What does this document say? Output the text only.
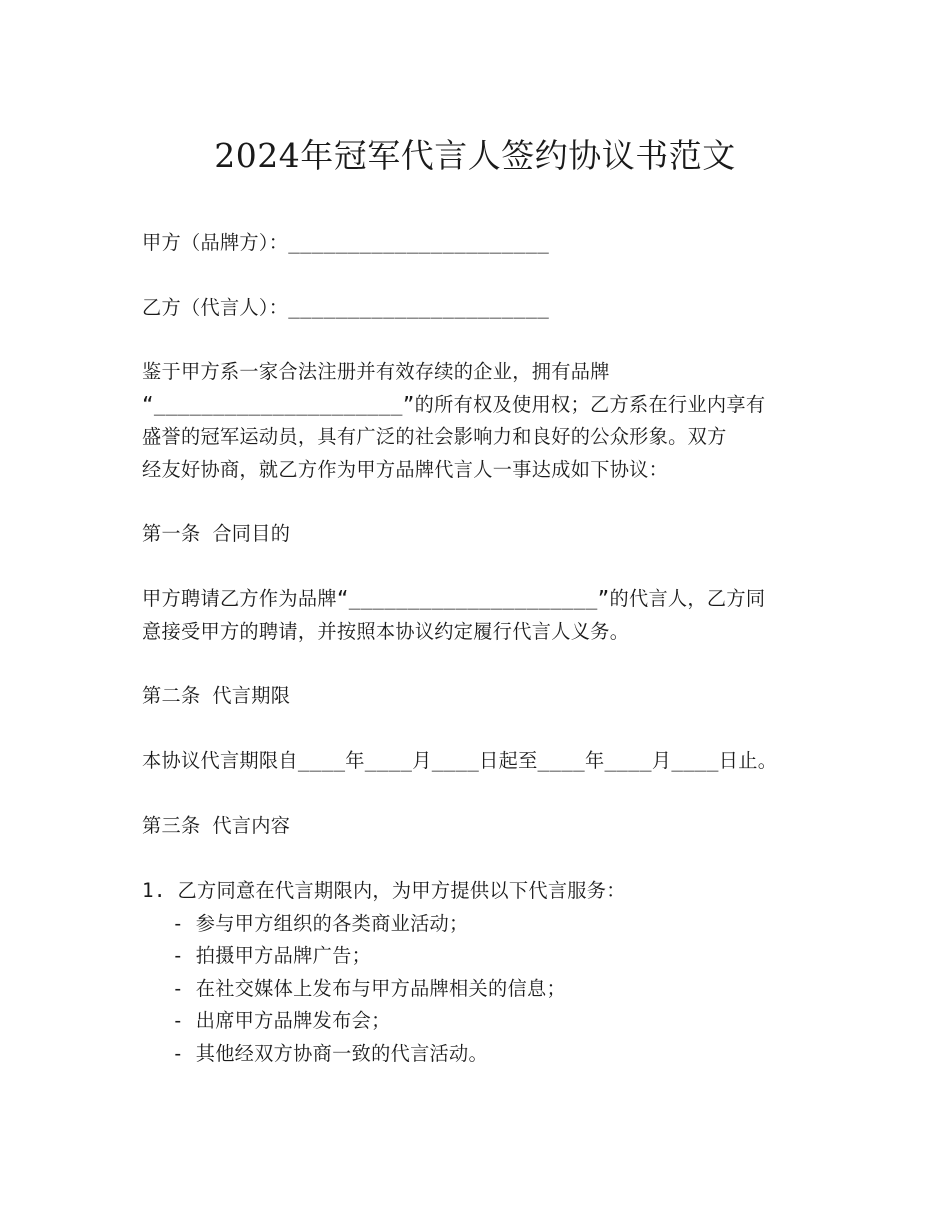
2024年冠军代言人签约协议书范文
甲方（品牌方）：______________________
乙方（代言人）：______________________
鉴于甲方系一家合法注册并有效存续的企业，拥有品牌
“_____________________”的所有权及使用权；乙方系在行业内享有
盛誉的冠军运动员，具有广泛的社会影响力和良好的公众形象。双方
经友好协商，就乙方作为甲方品牌代言人一事达成如下协议：
第一条 合同目的
甲方聘请乙方作为品牌“_____________________”的代言人，乙方同
意接受甲方的聘请，并按照本协议约定履行代言人义务。
第二条 代言期限
本协议代言期限自____年____月____日起至____年____月____日止。
第三条 代言内容
1. 乙方同意在代言期限内，为甲方提供以下代言服务：
- 参与甲方组织的各类商业活动；
- 拍摄甲方品牌广告；
- 在社交媒体上发布与甲方品牌相关的信息；
- 出席甲方品牌发布会；
- 其他经双方协商一致的代言活动。
